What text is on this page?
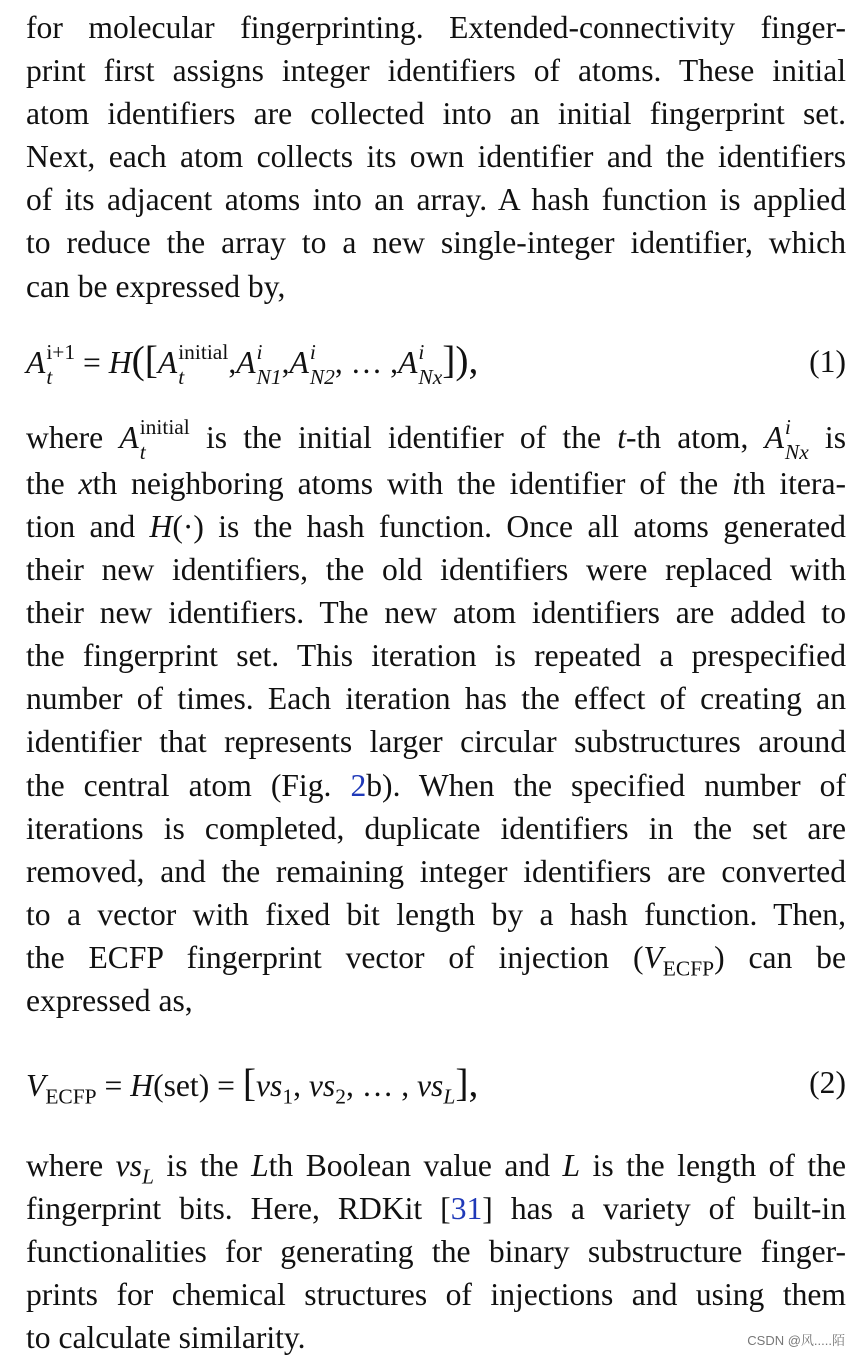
for molecular fingerprinting. Extended-connectivity finger-
print first assigns integer identifiers of atoms. These initial
atom identifiers are collected into an initial fingerprint set.
Next, each atom collects its own identifier and the identifiers
of its adjacent atoms into an array. A hash function is applied
to reduce the array to a new single-integer identifier, which
can be expressed by,

A i+1
t = H([A initial
t	,A i
N1 ,A i
N2 , … ,A i
Nx ]),	(1)

where A initial
t	is the initial identifier of the t-th atom, A i
Nx is
the xth neighboring atoms with the identifier of the ith itera-
tion and H(·) is the hash function. Once all atoms generated
their new identifiers, the old identifiers were replaced with
their new identifiers. The new atom identifiers are added to
the fingerprint set. This iteration is repeated a prespecified
number of times. Each iteration has the effect of creating an
identifier that represents larger circular substructures around
the central atom (Fig. 2b). When the specified number of
iterations is completed, duplicate identifiers in the set are
removed, and the remaining integer identifiers are converted
to a vector with fixed bit length by a hash function. Then,
the ECFP fingerprint vector of injection $(V_{ECFP})$ can be
expressed as,

$V_{ECFP} = H(set) = [vs_1$, $vs_2$, … , $vs_L$],	(2)

where $vs_L$ is the Lth Boolean value and L is the length of the
fingerprint bits. Here, RDKit [31] has a variety of built-in
functionalities for generating the binary substructure finger-
prints for chemical structures of injections and using them
to calculate similarity.	CSDN @风.....陌
